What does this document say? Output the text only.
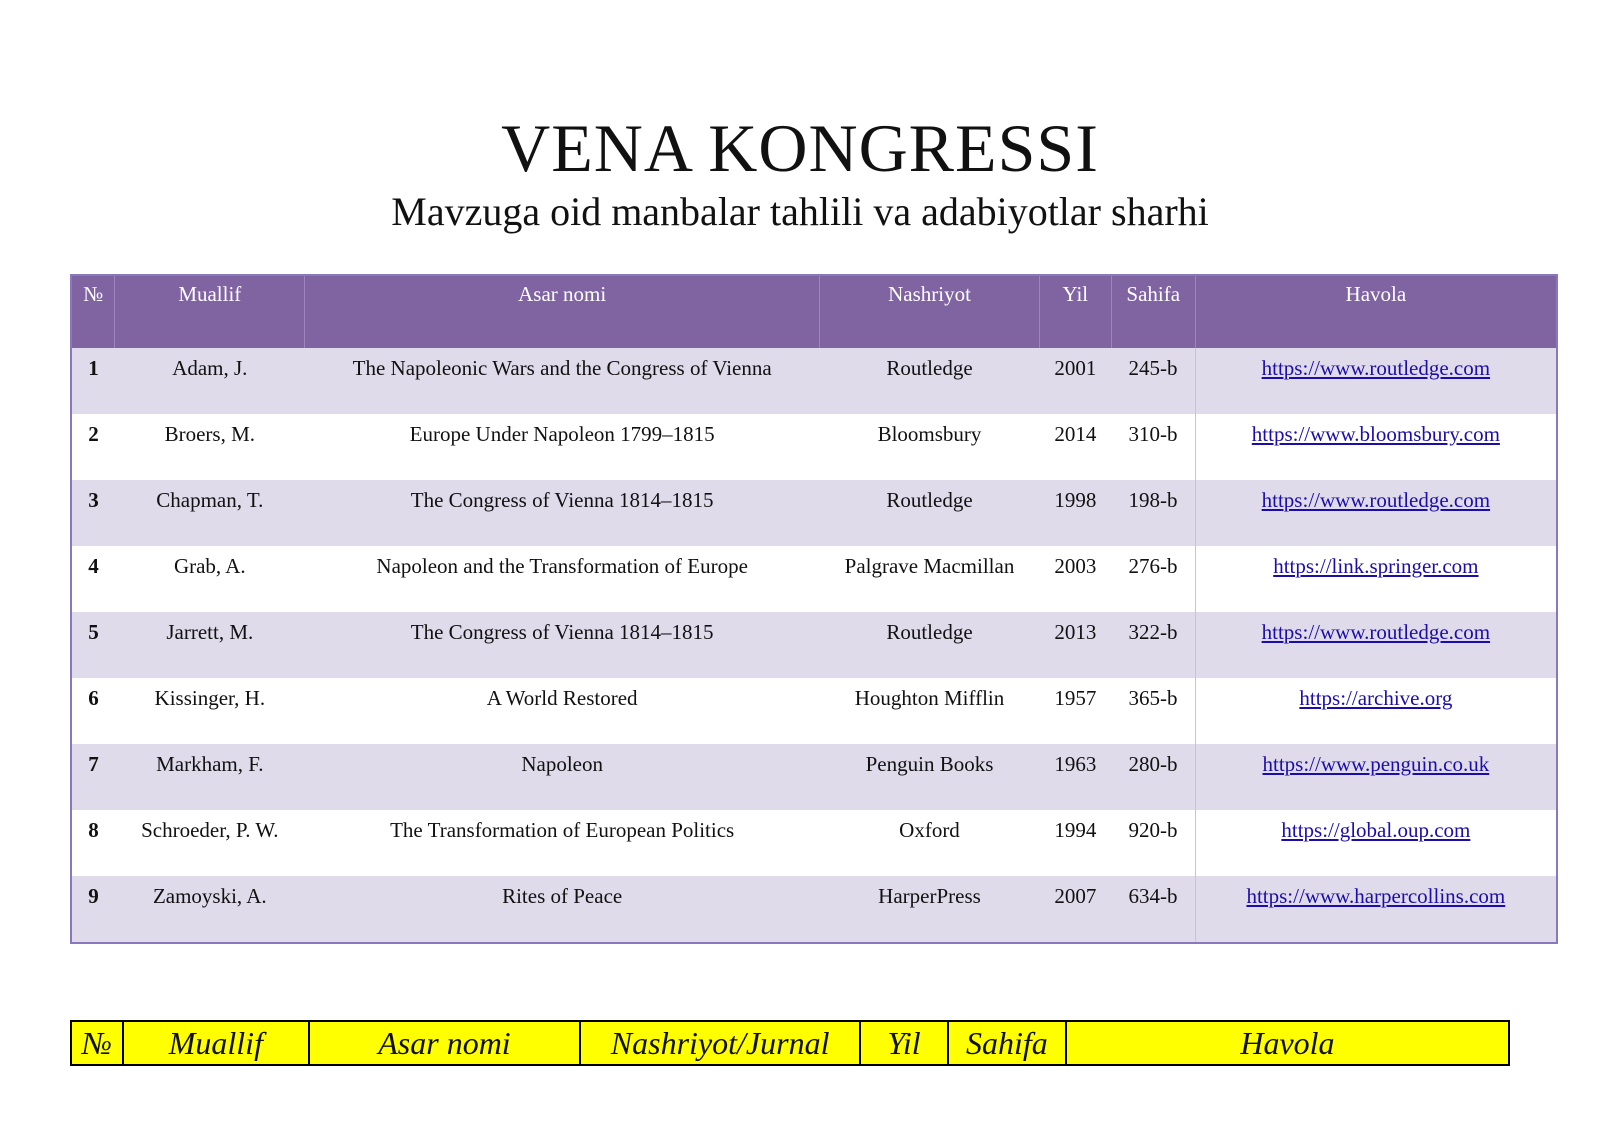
VENA KONGRESSI
Mavzuga oid manbalar tahlili va adabiyotlar sharhi
№	Muallif	Asar nomi	Nashriyot	Yil	Sahifa	Havola
1	Adam, J.	The Napoleonic Wars and the Congress of Vienna	Routledge	2001	245-b	https://www.routledge.com
2	Broers, M.	Europe Under Napoleon 1799–1815	Bloomsbury	2014	310-b	https://www.bloomsbury.com
3	Chapman, T.	The Congress of Vienna 1814–1815	Routledge	1998	198-b	https://www.routledge.com
4	Grab, A.	Napoleon and the Transformation of Europe	Palgrave Macmillan	2003	276-b	https://link.springer.com
5	Jarrett, M.	The Congress of Vienna 1814–1815	Routledge	2013	322-b	https://www.routledge.com
6	Kissinger, H.	A World Restored	Houghton Mifflin	1957	365-b	https://archive.org
7	Markham, F.	Napoleon	Penguin Books	1963	280-b	https://www.penguin.co.uk
8	Schroeder, P. W.	The Transformation of European Politics	Oxford	1994	920-b	https://global.oup.com
9	Zamoyski, A.	Rites of Peace	HarperPress	2007	634-b	https://www.harpercollins.com
№	Muallif	Asar nomi	Nashriyot/Jurnal	Yil	Sahifa	Havola
